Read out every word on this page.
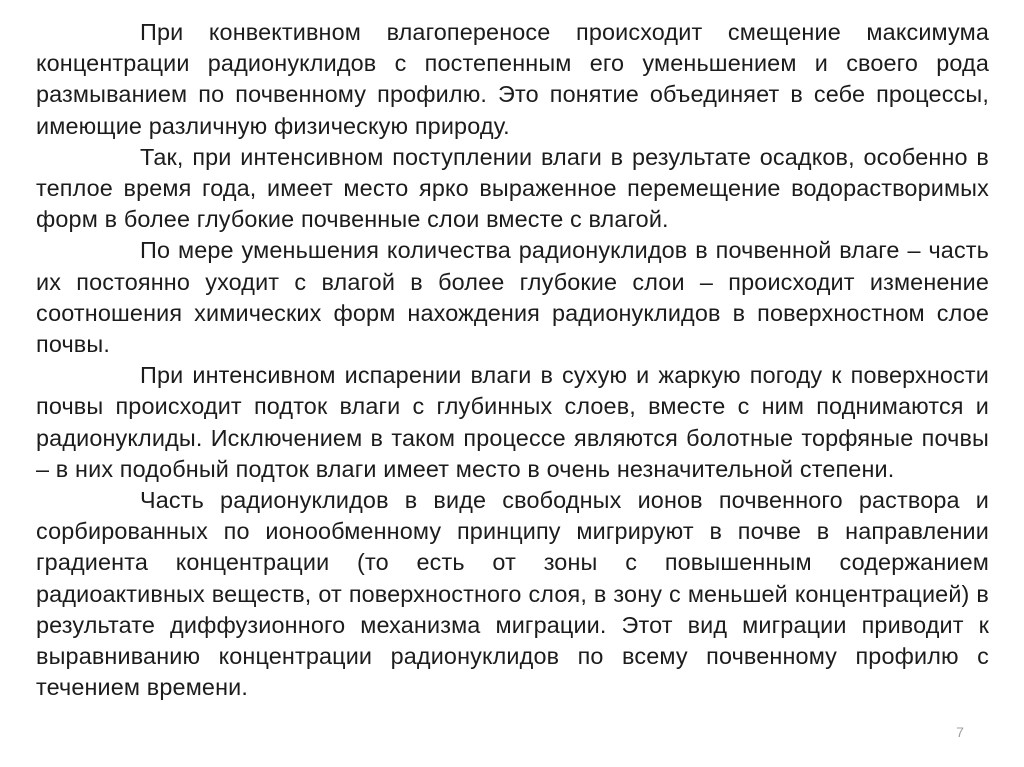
При конвективном влагопереносе происходит смещение максимума концентрации радионуклидов с постепенным его уменьшением и своего рода размыванием по почвенному профилю. Это понятие объединяет в себе процессы, имеющие различную физическую природу.

Так, при интенсивном поступлении влаги в результате осадков, особенно в теплое время года, имеет место ярко выраженное перемещение водорастворимых форм в более глубокие почвенные слои вместе с влагой.

По мере уменьшения количества радионуклидов в почвенной влаге – часть их постоянно уходит с влагой в более глубокие слои – происходит изменение соотношения химических форм нахождения радионуклидов в поверхностном слое почвы.

При интенсивном испарении влаги в сухую и жаркую погоду к поверхности почвы происходит подток влаги с глубинных слоев, вместе с ним поднимаются и радионуклиды. Исключением в таком процессе являются болотные торфяные почвы – в них подобный подток влаги имеет место в очень незначительной степени.

Часть радионуклидов в виде свободных ионов почвенного раствора и сорбированных по ионообменному принципу мигрируют в почве в направлении градиента концентрации (то есть от зоны с повышенным содержанием радиоактивных веществ, от поверхностного слоя, в зону с меньшей концентрацией) в результате диффузионного механизма миграции. Этот вид миграции приводит к выравниванию концентрации радионуклидов по всему почвенному профилю с течением времени.

7
